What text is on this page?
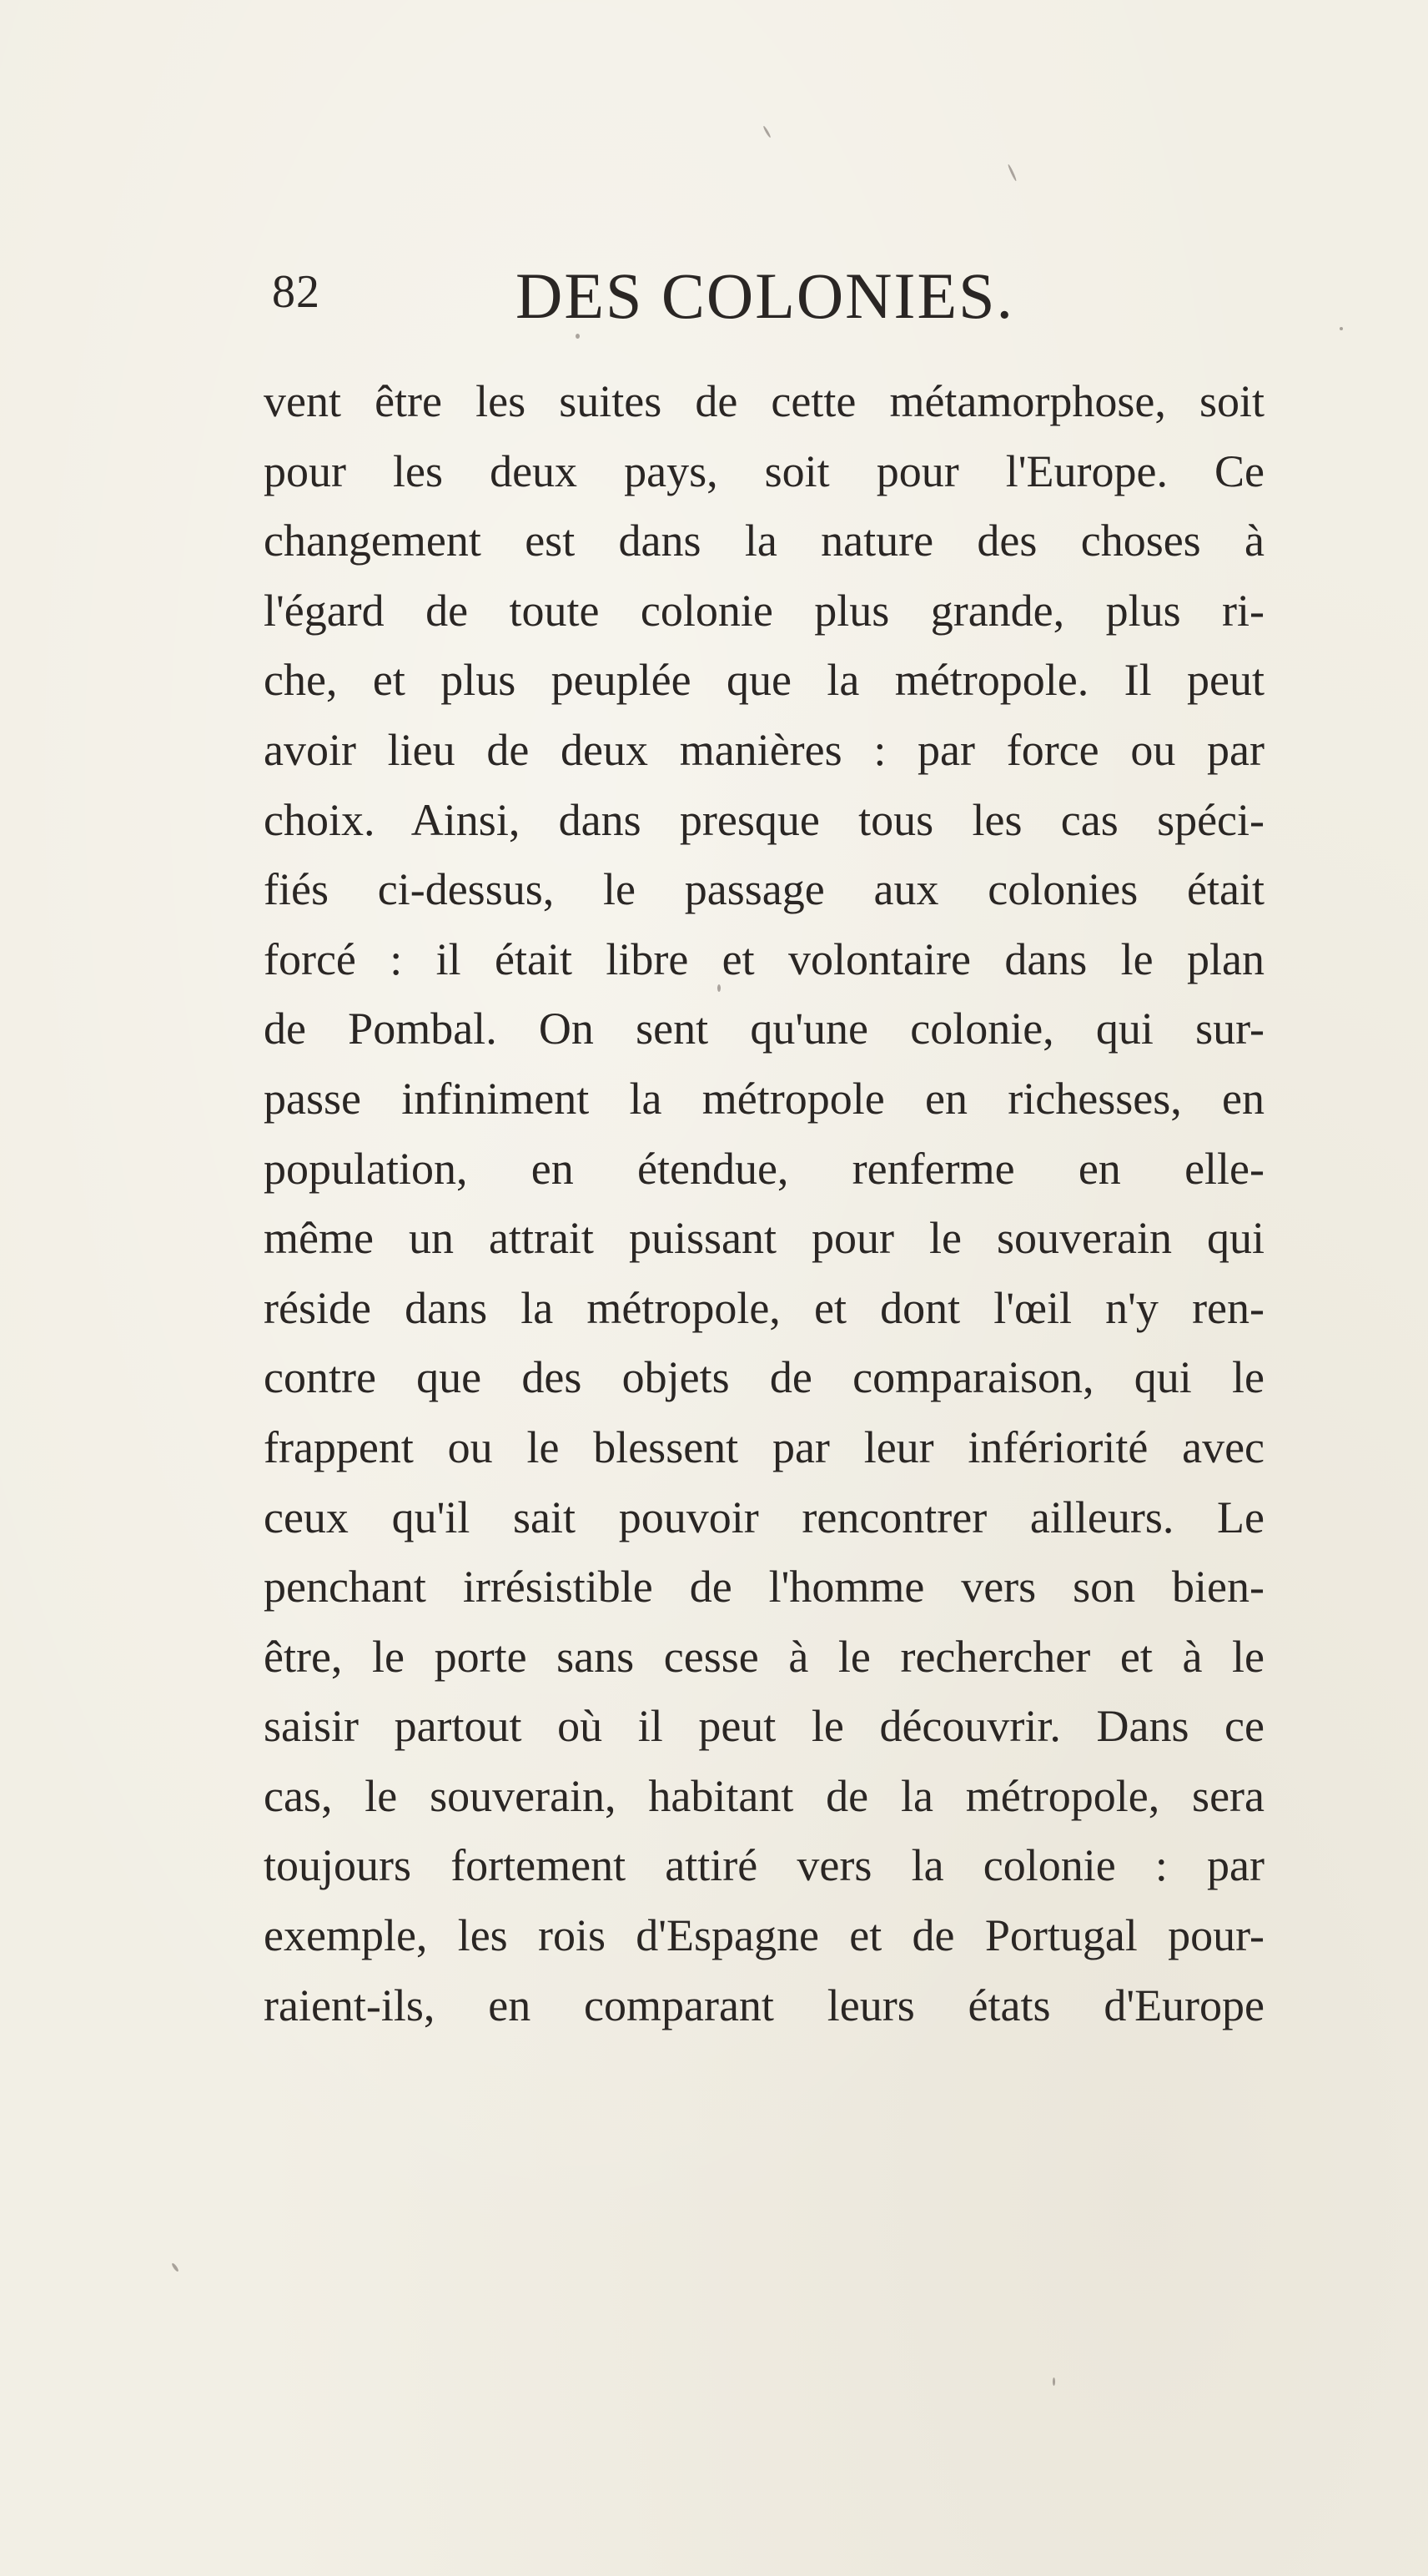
82	DES COLONIES.
vent être les suites de cette métamorphose, soit
pour les deux pays, soit pour l'Europe. Ce
changement est dans la nature des choses à
l'égard de toute colonie plus grande, plus ri-
che, et plus peuplée que la métropole. Il peut
avoir lieu de deux manières : par force ou par
choix. Ainsi, dans presque tous les cas spéci-
fiés ci-dessus, le passage aux colonies était
forcé : il était libre et volontaire dans le plan
de Pombal. On sent qu'une colonie, qui sur-
passe infiniment la métropole en richesses, en
population, en étendue, renferme en elle-
même un attrait puissant pour le souverain qui
réside dans la métropole, et dont l'œil n'y ren-
contre que des objets de comparaison, qui le
frappent ou le blessent par leur infériorité avec
ceux qu'il sait pouvoir rencontrer ailleurs. Le
penchant irrésistible de l'homme vers son bien-
être, le porte sans cesse à le rechercher et à le
saisir partout où il peut le découvrir. Dans ce
cas, le souverain, habitant de la métropole, sera
toujours fortement attiré vers la colonie : par
exemple, les rois d'Espagne et de Portugal pour-
raient-ils, en comparant leurs états d'Europe
